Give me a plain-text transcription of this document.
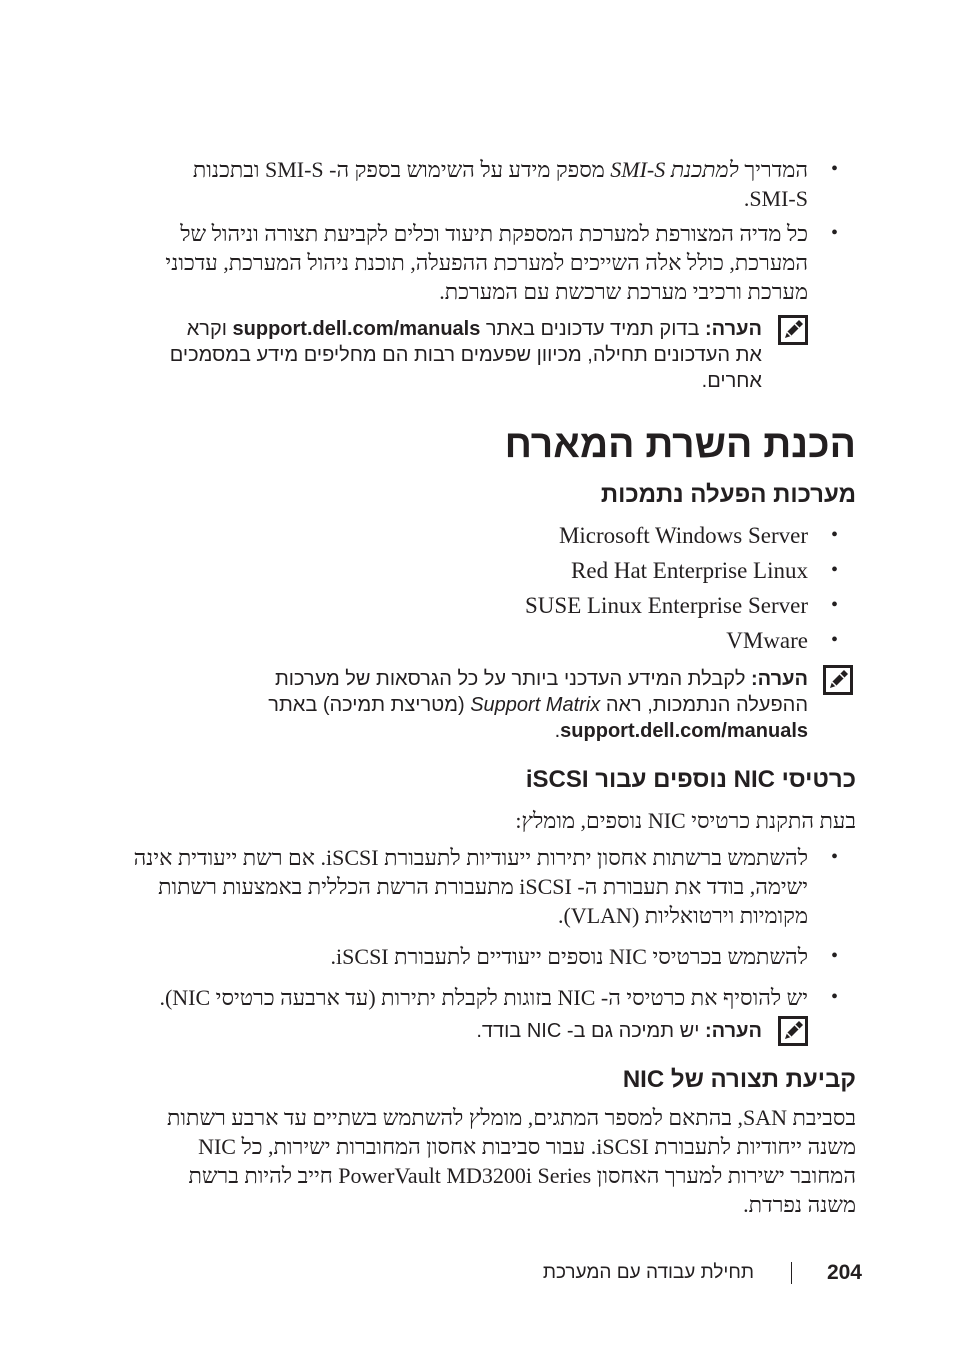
•
המדריך למתכנת SMI-S מספק מידע על השימוש בספק ה- SMI-S ובתכנות SMI-S.
•
כל מדיה המצורפת למערכת המספקת תיעוד וכלים לקביעת תצורה וניהול של המערכת, כולל אלה השייכים למערכת ההפעלה, תוכנת ניהול המערכת, עדכוני מערכת ורכיבי מערכת שרכשת עם המערכת.
הערה: בדוק תמיד עדכונים באתר support.dell.com/manuals וקרא את העדכונים תחילה, מכיוון שפעמים רבות הם מחליפים מידע במסמכים אחרים.
הכנת השרת המארח
מערכות הפעלה נתמכות
•
Microsoft Windows Server
•
Red Hat Enterprise Linux
•
SUSE Linux Enterprise Server
•
VMware
הערה: לקבלת המידע העדכני ביותר על כל הגרסאות של מערכות ההפעלה הנתמכות, ראה Support Matrix (מטריצת תמיכה) באתר support.dell.com/manuals.
כרטיסי NIC נוספים עבור iSCSI
בעת התקנת כרטיסי NIC נוספים, מומלץ:
•
להשתמש ברשתות אחסון יתירות ייעודיות לתעבורת iSCSI. אם רשת ייעודית אינה ישימה, בודד את תעבורת ה- iSCSI מתעבורת הרשת הכללית באמצעות רשתות מקומיות וירטואליות (VLAN).
•
להשתמש בכרטיסי NIC נוספים ייעודיים לתעבורת iSCSI.
•
יש להוסיף את כרטיסי ה- NIC בזוגות לקבלת יתירות (עד ארבעה כרטיסי NIC).
הערה: יש תמיכה גם ב- NIC בודד.
קביעת תצורה של NIC
בסביבת SAN, בהתאם למספר המתגים, מומלץ להשתמש בשתיים עד ארבע רשתות משנה ייחודיות לתעבורת iSCSI. עבור סביבות אחסון המחוברות ישירות, כל NIC המחובר ישירות למערך האחסון PowerVault MD3200i Series חייב להיות ברשת משנה נפרדת.
204
תחילת עבודה עם המערכת
